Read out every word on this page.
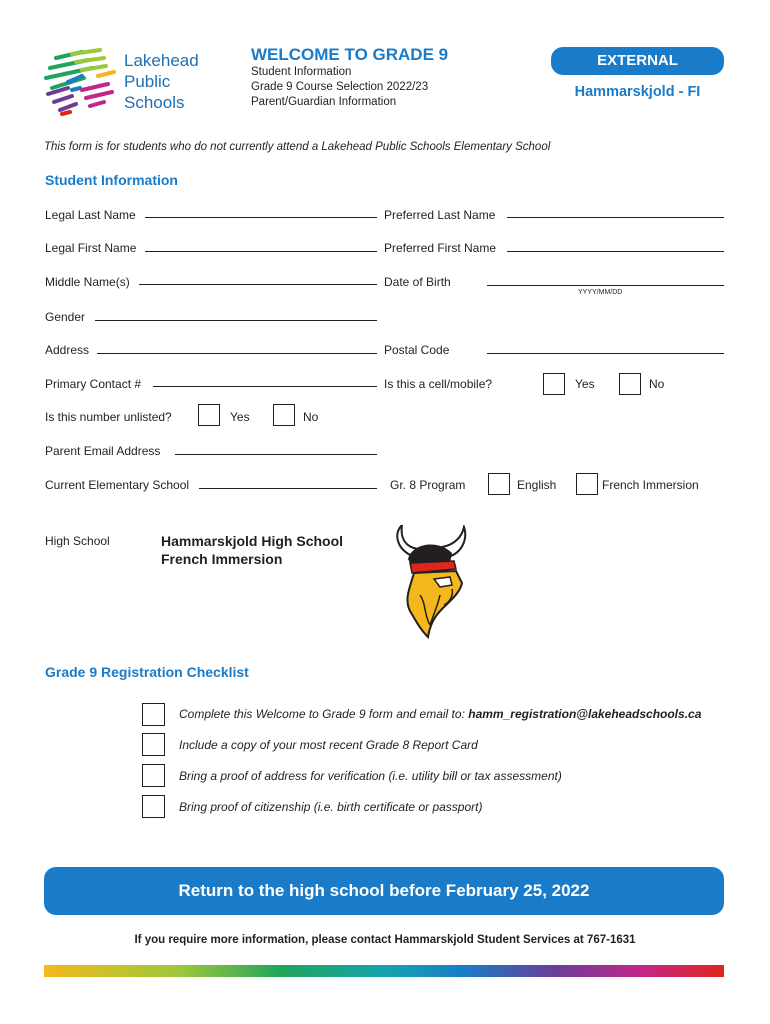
Lakehead
Public
Schools
WELCOME TO GRADE 9
Student Information
Grade 9 Course Selection 2022/23
Parent/Guardian Information
EXTERNAL
Hammarskjold - FI
This form is for students who do not currently attend a Lakehead Public Schools Elementary School
Student Information
Legal Last Name	Preferred Last Name
Legal First Name	Preferred First Name
Middle Name(s)	Date of Birth
YYYY/MM/DD
Gender
Address	Postal Code
Primary Contact #	Is this a cell/mobile?	Yes	No
Is this number unlisted?	Yes	No
Parent Email Address
Current Elementary School	Gr. 8 Program	English	French Immersion
High School	Hammarskjold High School
French Immersion
Grade 9 Registration Checklist
Complete this Welcome to Grade 9 form and email to: hamm_registration@lakeheadschools.ca
Include a copy of your most recent Grade 8 Report Card
Bring a proof of address for verification (i.e. utility bill or tax assessment)
Bring proof of citizenship (i.e. birth certificate or passport)
Return to the high school before February 25, 2022
If you require more information, please contact Hammarskjold Student Services at 767-1631
